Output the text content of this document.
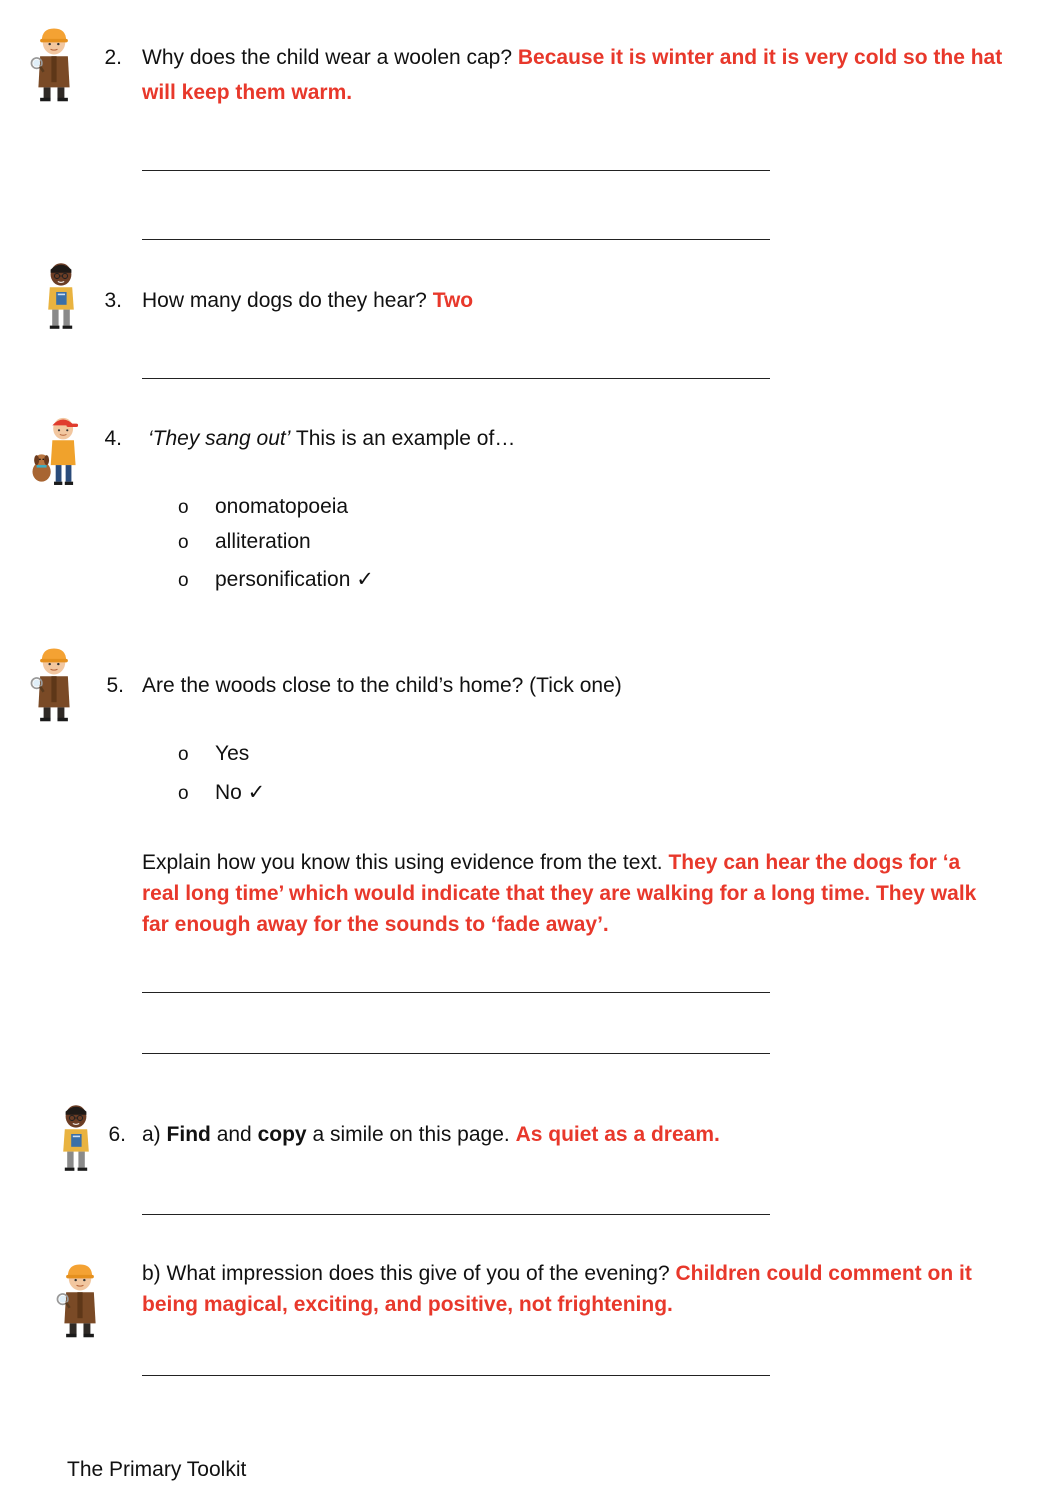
2. Why does the child wear a woolen cap? Because it is winter and it is very cold so the hat will keep them warm.
3. How many dogs do they hear? Two
4. ‘They sang out’ This is an example of…
o onomatopoeia
o alliteration
o personification ✓
5. Are the woods close to the child’s home? (Tick one)
o Yes
o No ✓
Explain how you know this using evidence from the text. They can hear the dogs for ‘a real long time’ which would indicate that they are walking for a long time. They walk far enough away for the sounds to ‘fade away’.
6. a) Find and copy a simile on this page. As quiet as a dream.
b) What impression does this give of you of the evening? Children could comment on it being magical, exciting, and positive, not frightening.
The Primary Toolkit
